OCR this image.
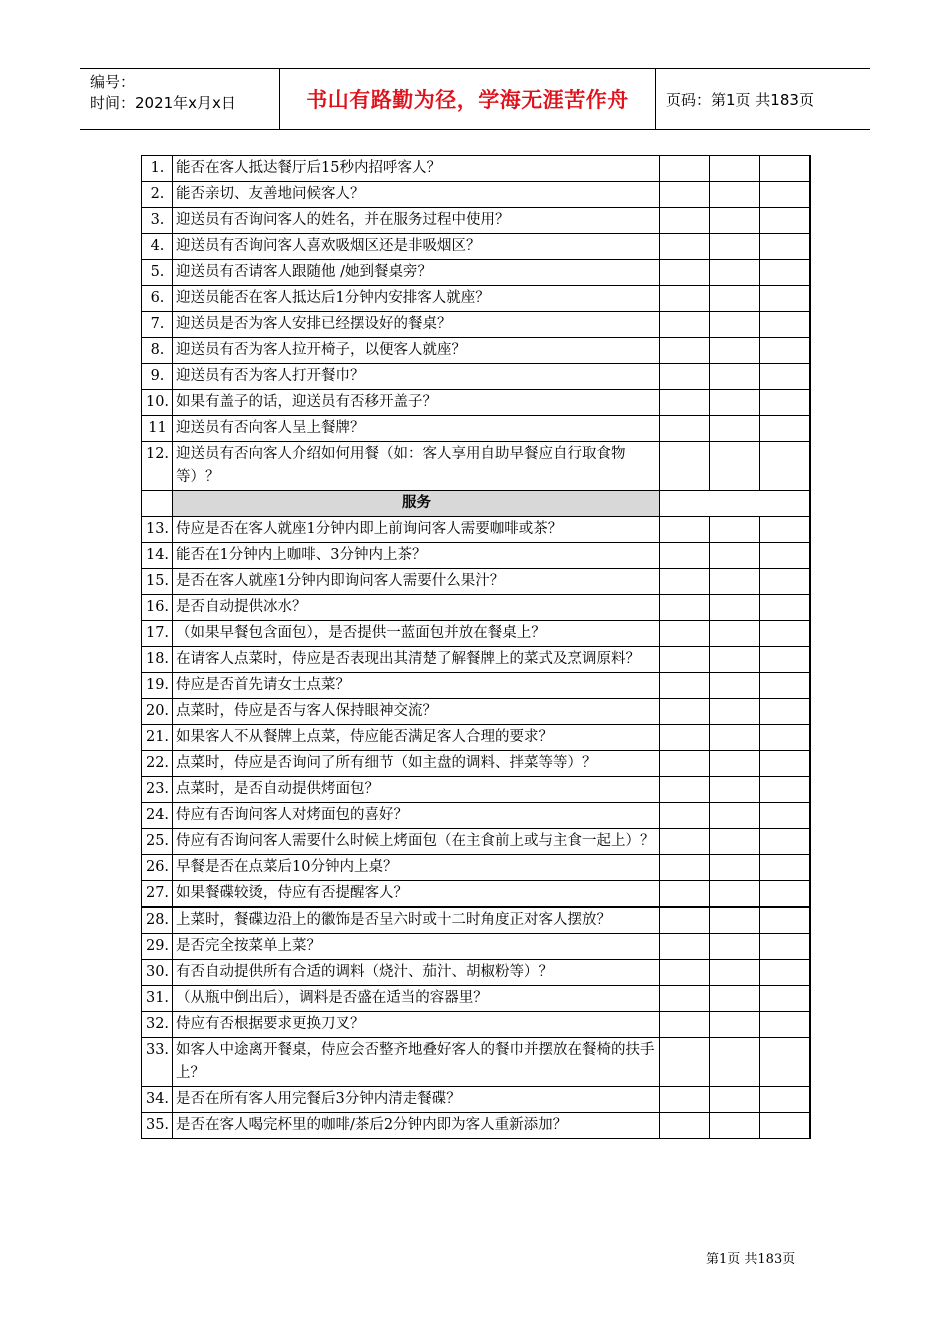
编号：
时间：2021年x月x日	书山有路勤为径，学海无涯苦作舟	页码：第1页 共183页
1.	能否在客人抵达餐厅后15秒内招呼客人？			
2.	能否亲切、友善地问候客人？			
3.	迎送员有否询问客人的姓名，并在服务过程中使用？			
4.	迎送员有否询问客人喜欢吸烟区还是非吸烟区？			
5.	迎送员有否请客人跟随他 /她到餐桌旁？			
6.	迎送员能否在客人抵达后1分钟内安排客人就座？			
7.	迎送员是否为客人安排已经摆设好的餐桌？			
8.	迎送员有否为客人拉开椅子，以便客人就座？			
9.	迎送员有否为客人打开餐巾？			
10.	如果有盖子的话，迎送员有否移开盖子？			
11	迎送员有否向客人呈上餐牌？			
12.	迎送员有否向客人介绍如何用餐（如：客人享用自助早餐应自行取食物等）？			
	服务			
13.	侍应是否在客人就座1分钟内即上前询问客人需要咖啡或茶？			
14.	能否在1分钟内上咖啡、3分钟内上茶？			
15.	是否在客人就座1分钟内即询问客人需要什么果汁？			
16.	是否自动提供冰水？			
17.	（如果早餐包含面包），是否提供一蓝面包并放在餐桌上？			
18.	在请客人点菜时，侍应是否表现出其清楚了解餐牌上的菜式及烹调原料？			
19.	侍应是否首先请女士点菜？			
20.	点菜时，侍应是否与客人保持眼神交流？			
21.	如果客人不从餐牌上点菜，侍应能否满足客人合理的要求？			
22.	点菜时，侍应是否询问了所有细节（如主盘的调料、拌菜等等）？			
23.	点菜时，是否自动提供烤面包？			
24.	侍应有否询问客人对烤面包的喜好？			
25.	侍应有否询问客人需要什么时候上烤面包（在主食前上或与主食一起上）？			
26.	早餐是否在点菜后10分钟内上桌？			
27.	如果餐碟较烫，侍应有否提醒客人？			
28.	上菜时，餐碟边沿上的徽饰是否呈六时或十二时角度正对客人摆放？			
29.	是否完全按菜单上菜？			
30.	有否自动提供所有合适的调料（烧汁、茄汁、胡椒粉等）？			
31.	（从瓶中倒出后），调料是否盛在适当的容器里？			
32.	侍应有否根据要求更换刀叉？			
33.	如客人中途离开餐桌，侍应会否整齐地叠好客人的餐巾并摆放在餐椅的扶手上？			
34.	是否在所有客人用完餐后3分钟内清走餐碟？			
35.	是否在客人喝完杯里的咖啡/茶后2分钟内即为客人重新添加？			
第1页 共183页
